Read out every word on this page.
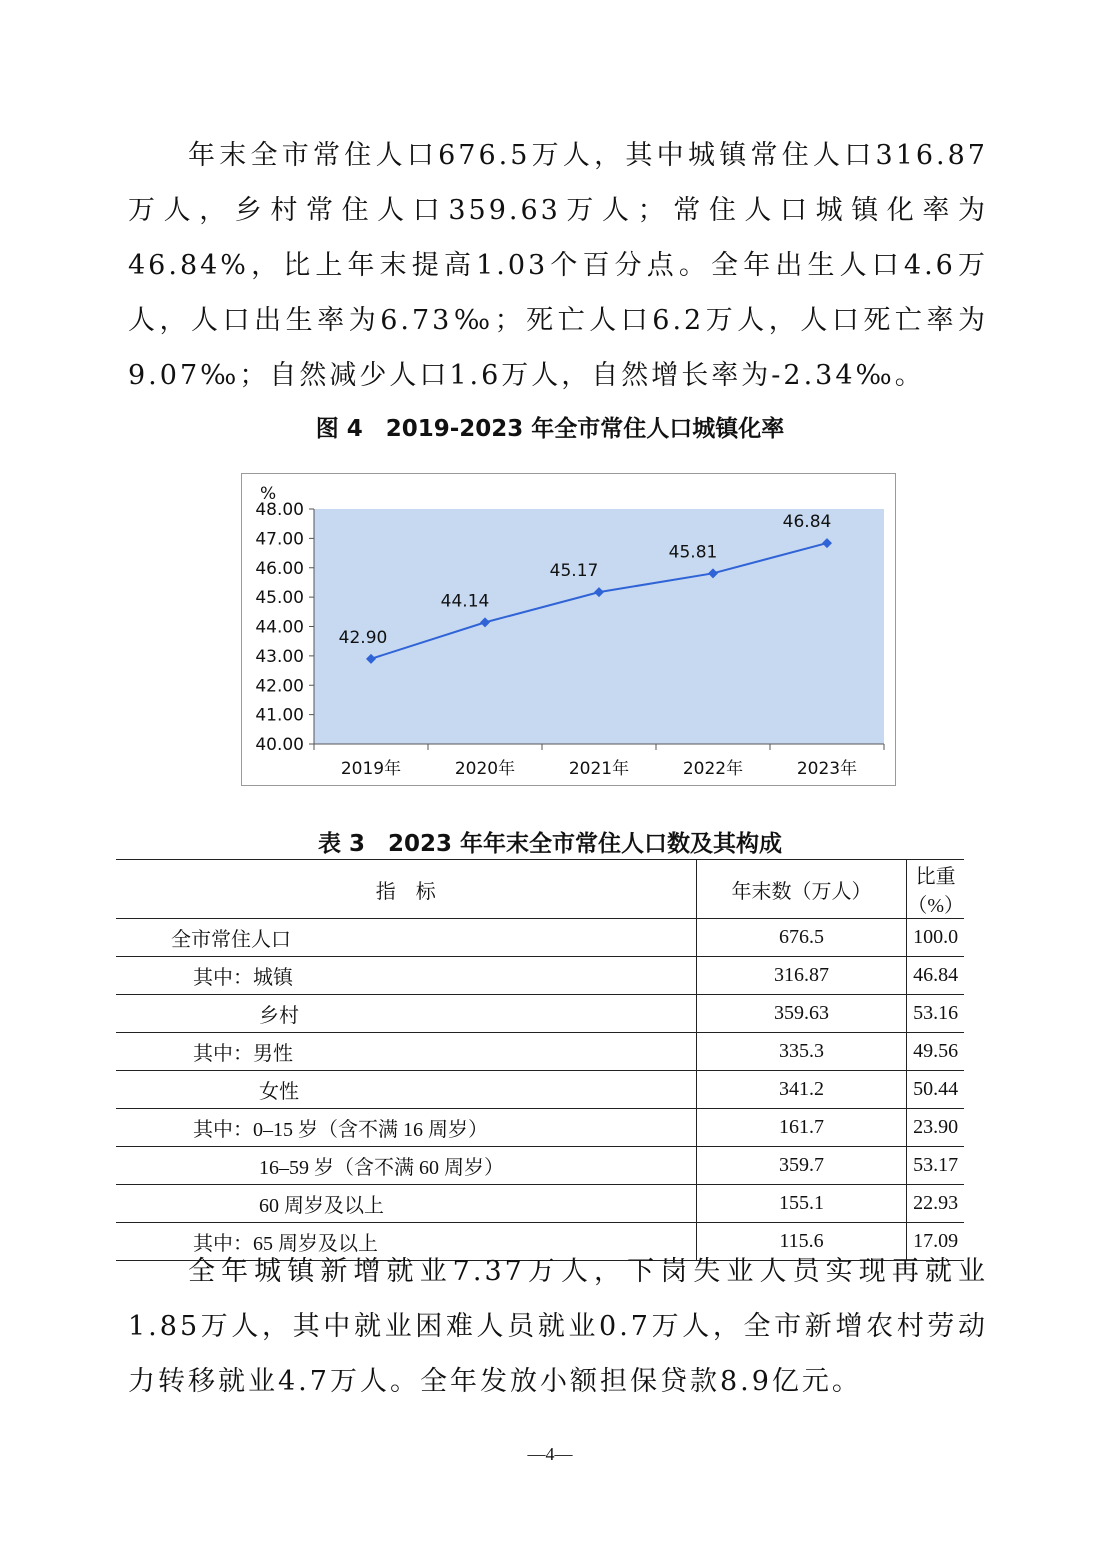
年末全市常住人口676.5万人，其中城镇常住人口316.87万人，乡村常住人口359.63万人；常住人口城镇化率为46.84%，比上年末提高1.03个百分点。全年出生人口4.6万人，人口出生率为6.73‰；死亡人口6.2万人，人口死亡率为9.07‰；自然减少人口1.6万人，自然增长率为-2.34‰。

图 4　2019-2023 年全市常住人口城镇化率

%
40.00
41.00
42.00
43.00
44.00
45.00
46.00
47.00
48.00
2019年	2020年	2021年	2022年	2023年
42.90
44.14
45.17
45.81
46.84

表 3　2023 年年末全市常住人口数及其构成

指　标	年末数（万人）	比重（%）
全市常住人口	676.5	100.0
其中：城镇	316.87	46.84
乡村	359.63	53.16
其中：男性	335.3	49.56
女性	341.2	50.44
其中：0–15 岁（含不满 16 周岁）	161.7	23.90
16–59 岁（含不满 60 周岁）	359.7	53.17
60 周岁及以上	155.1	22.93
其中：65 周岁及以上	115.6	17.09

全年城镇新增就业7.37万人，下岗失业人员实现再就业1.85万人，其中就业困难人员就业0.7万人，全市新增农村劳动力转移就业4.7万人。全年发放小额担保贷款8.9亿元。

—4—
